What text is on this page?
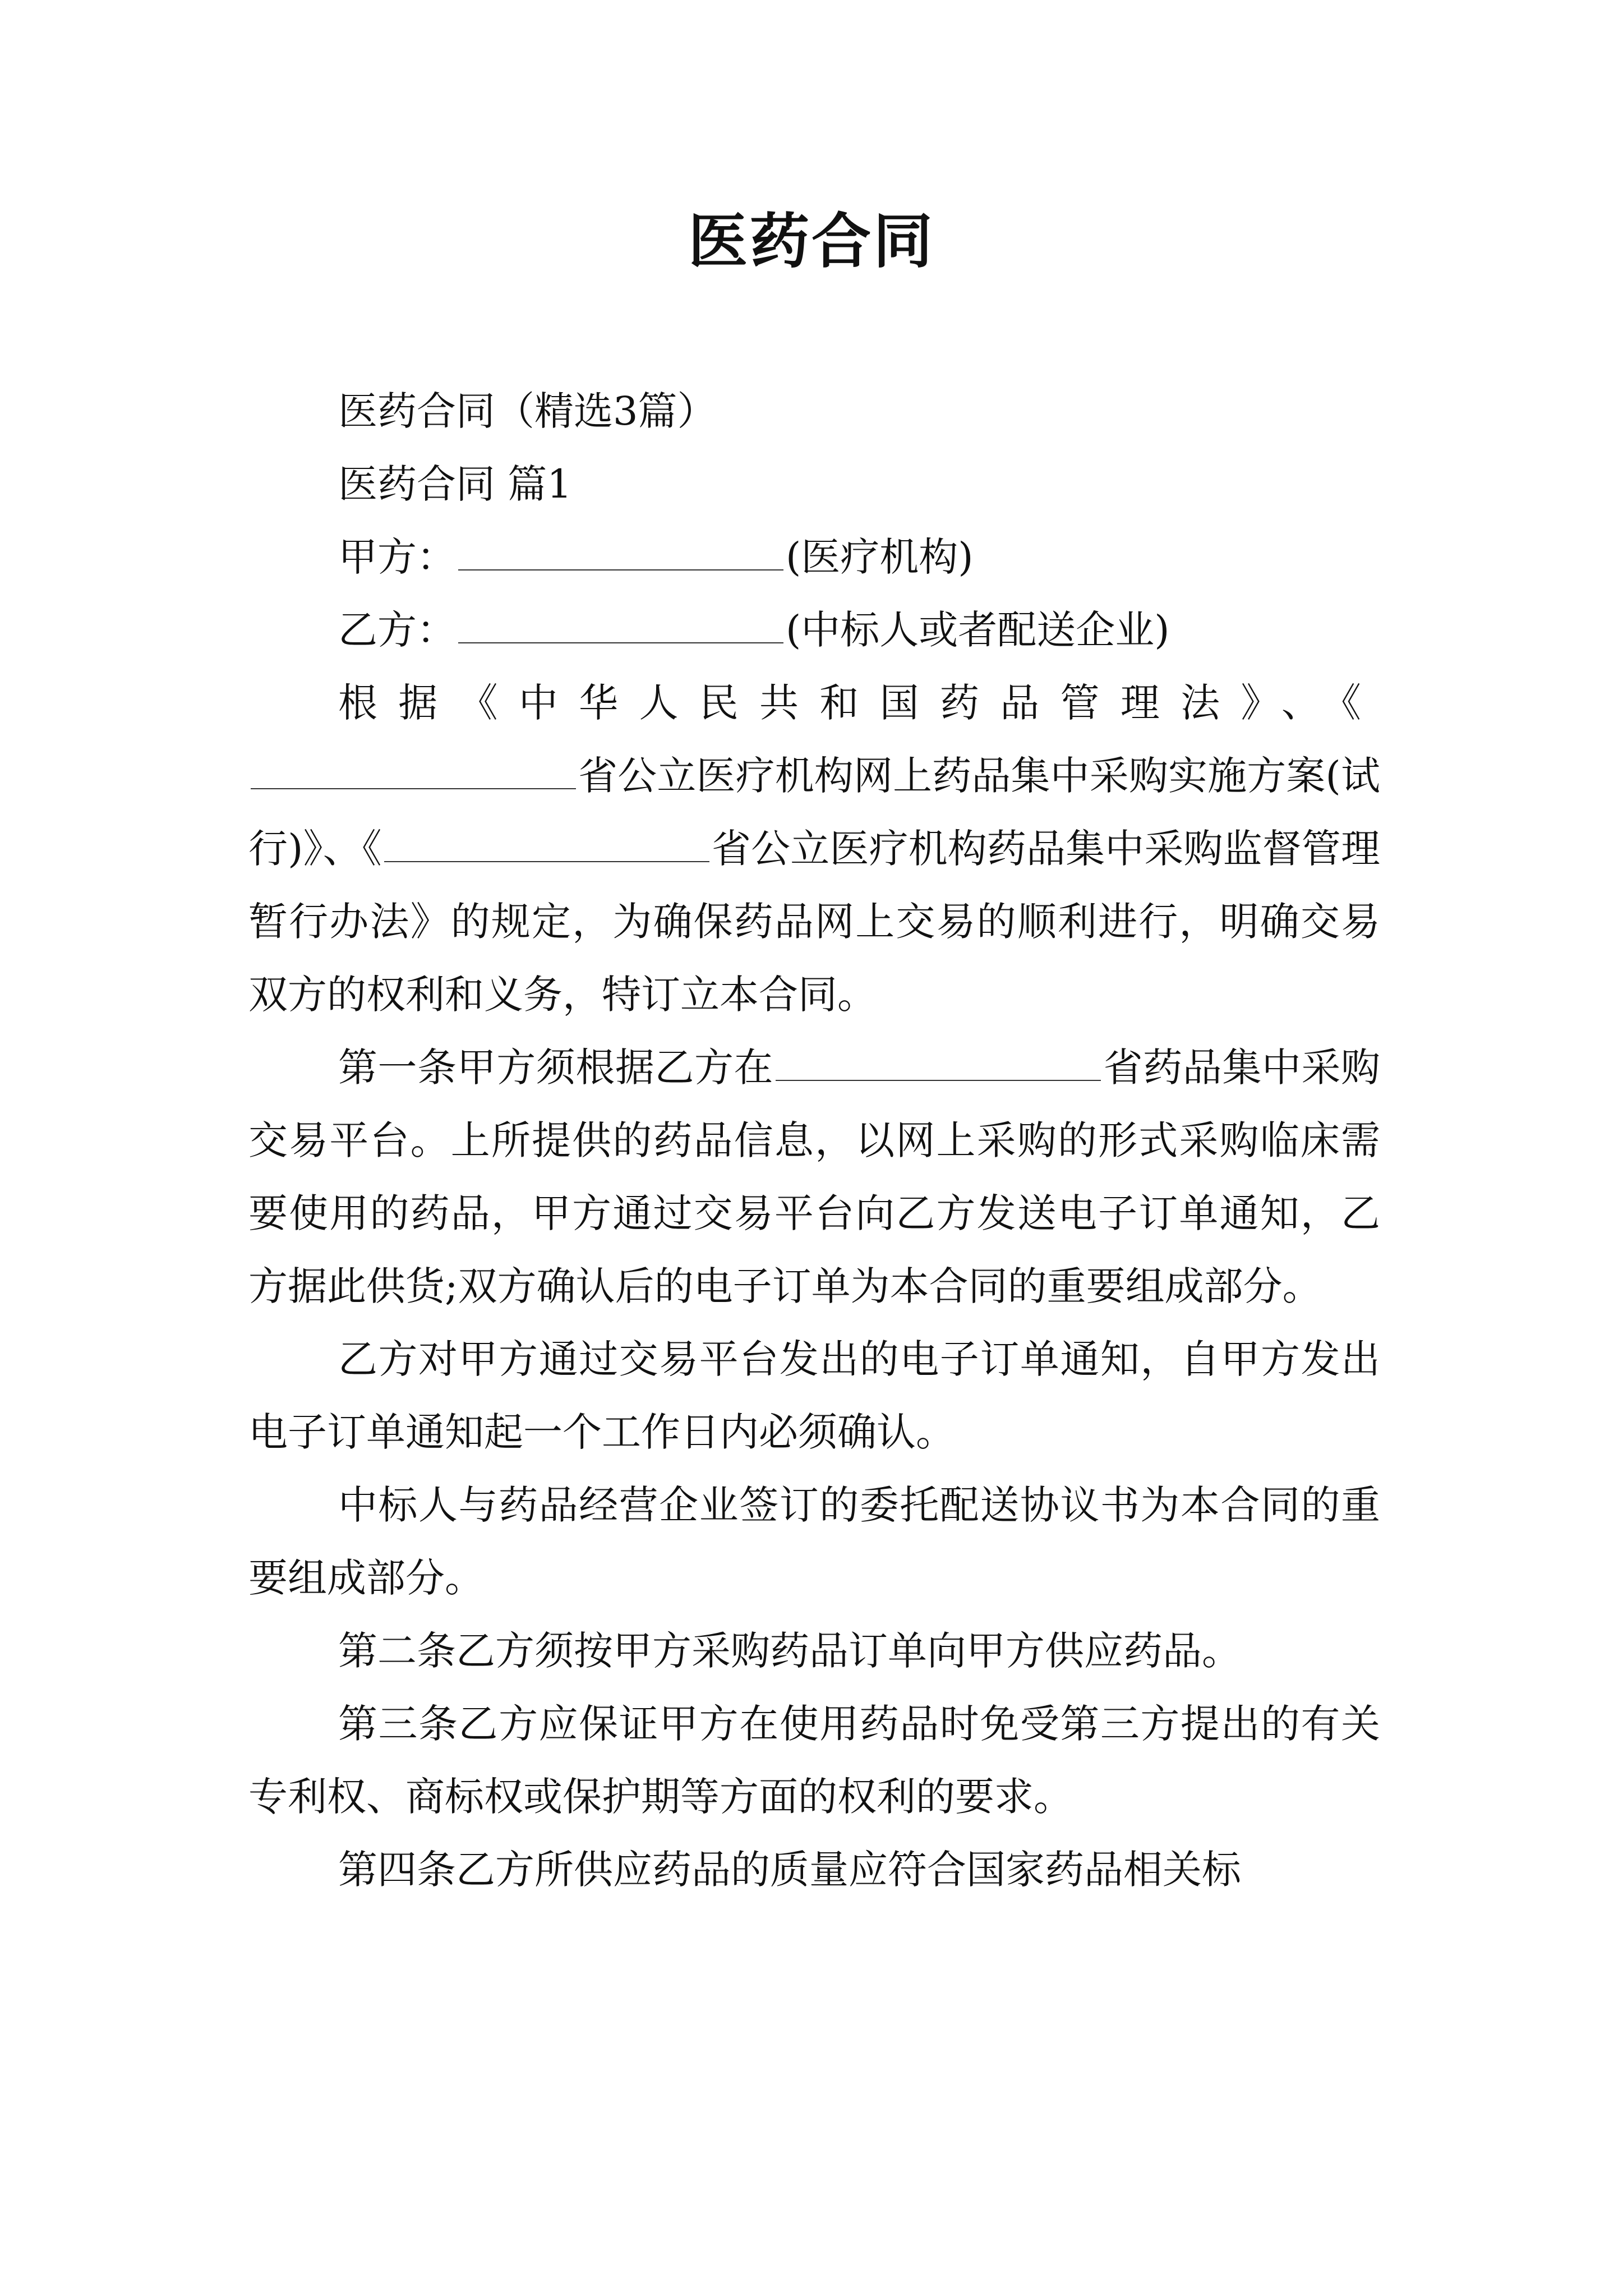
医药合同

医药合同（精选3篇）

医药合同 篇1

甲方：	(医疗机构)

乙方：	(中标人或者配送企业)

根据《中华人民共和国药品管理法》、《省公立医疗机构网上药品集中采购实施方案(试行)》、《	省公立医疗机构药品集中采购监督管理暂行办法》的规定，为确保药品网上交易的顺利进行，明确交易双方的权利和义务，特订立本合同。

第一条甲方须根据乙方在	省药品集中采购交易平台。上所提供的药品信息，以网上采购的形式采购临床需要使用的药品，甲方通过交易平台向乙方发送电子订单通知，乙方据此供货;双方确认后的电子订单为本合同的重要组成部分。

乙方对甲方通过交易平台发出的电子订单通知，自甲方发出电子订单通知起一个工作日内必须确认。

中标人与药品经营企业签订的委托配送协议书为本合同的重要组成部分。

第二条乙方须按甲方采购药品订单向甲方供应药品。

第三条乙方应保证甲方在使用药品时免受第三方提出的有关专利权、商标权或保护期等方面的权利的要求。

第四条乙方所供应药品的质量应符合国家药品相关标
